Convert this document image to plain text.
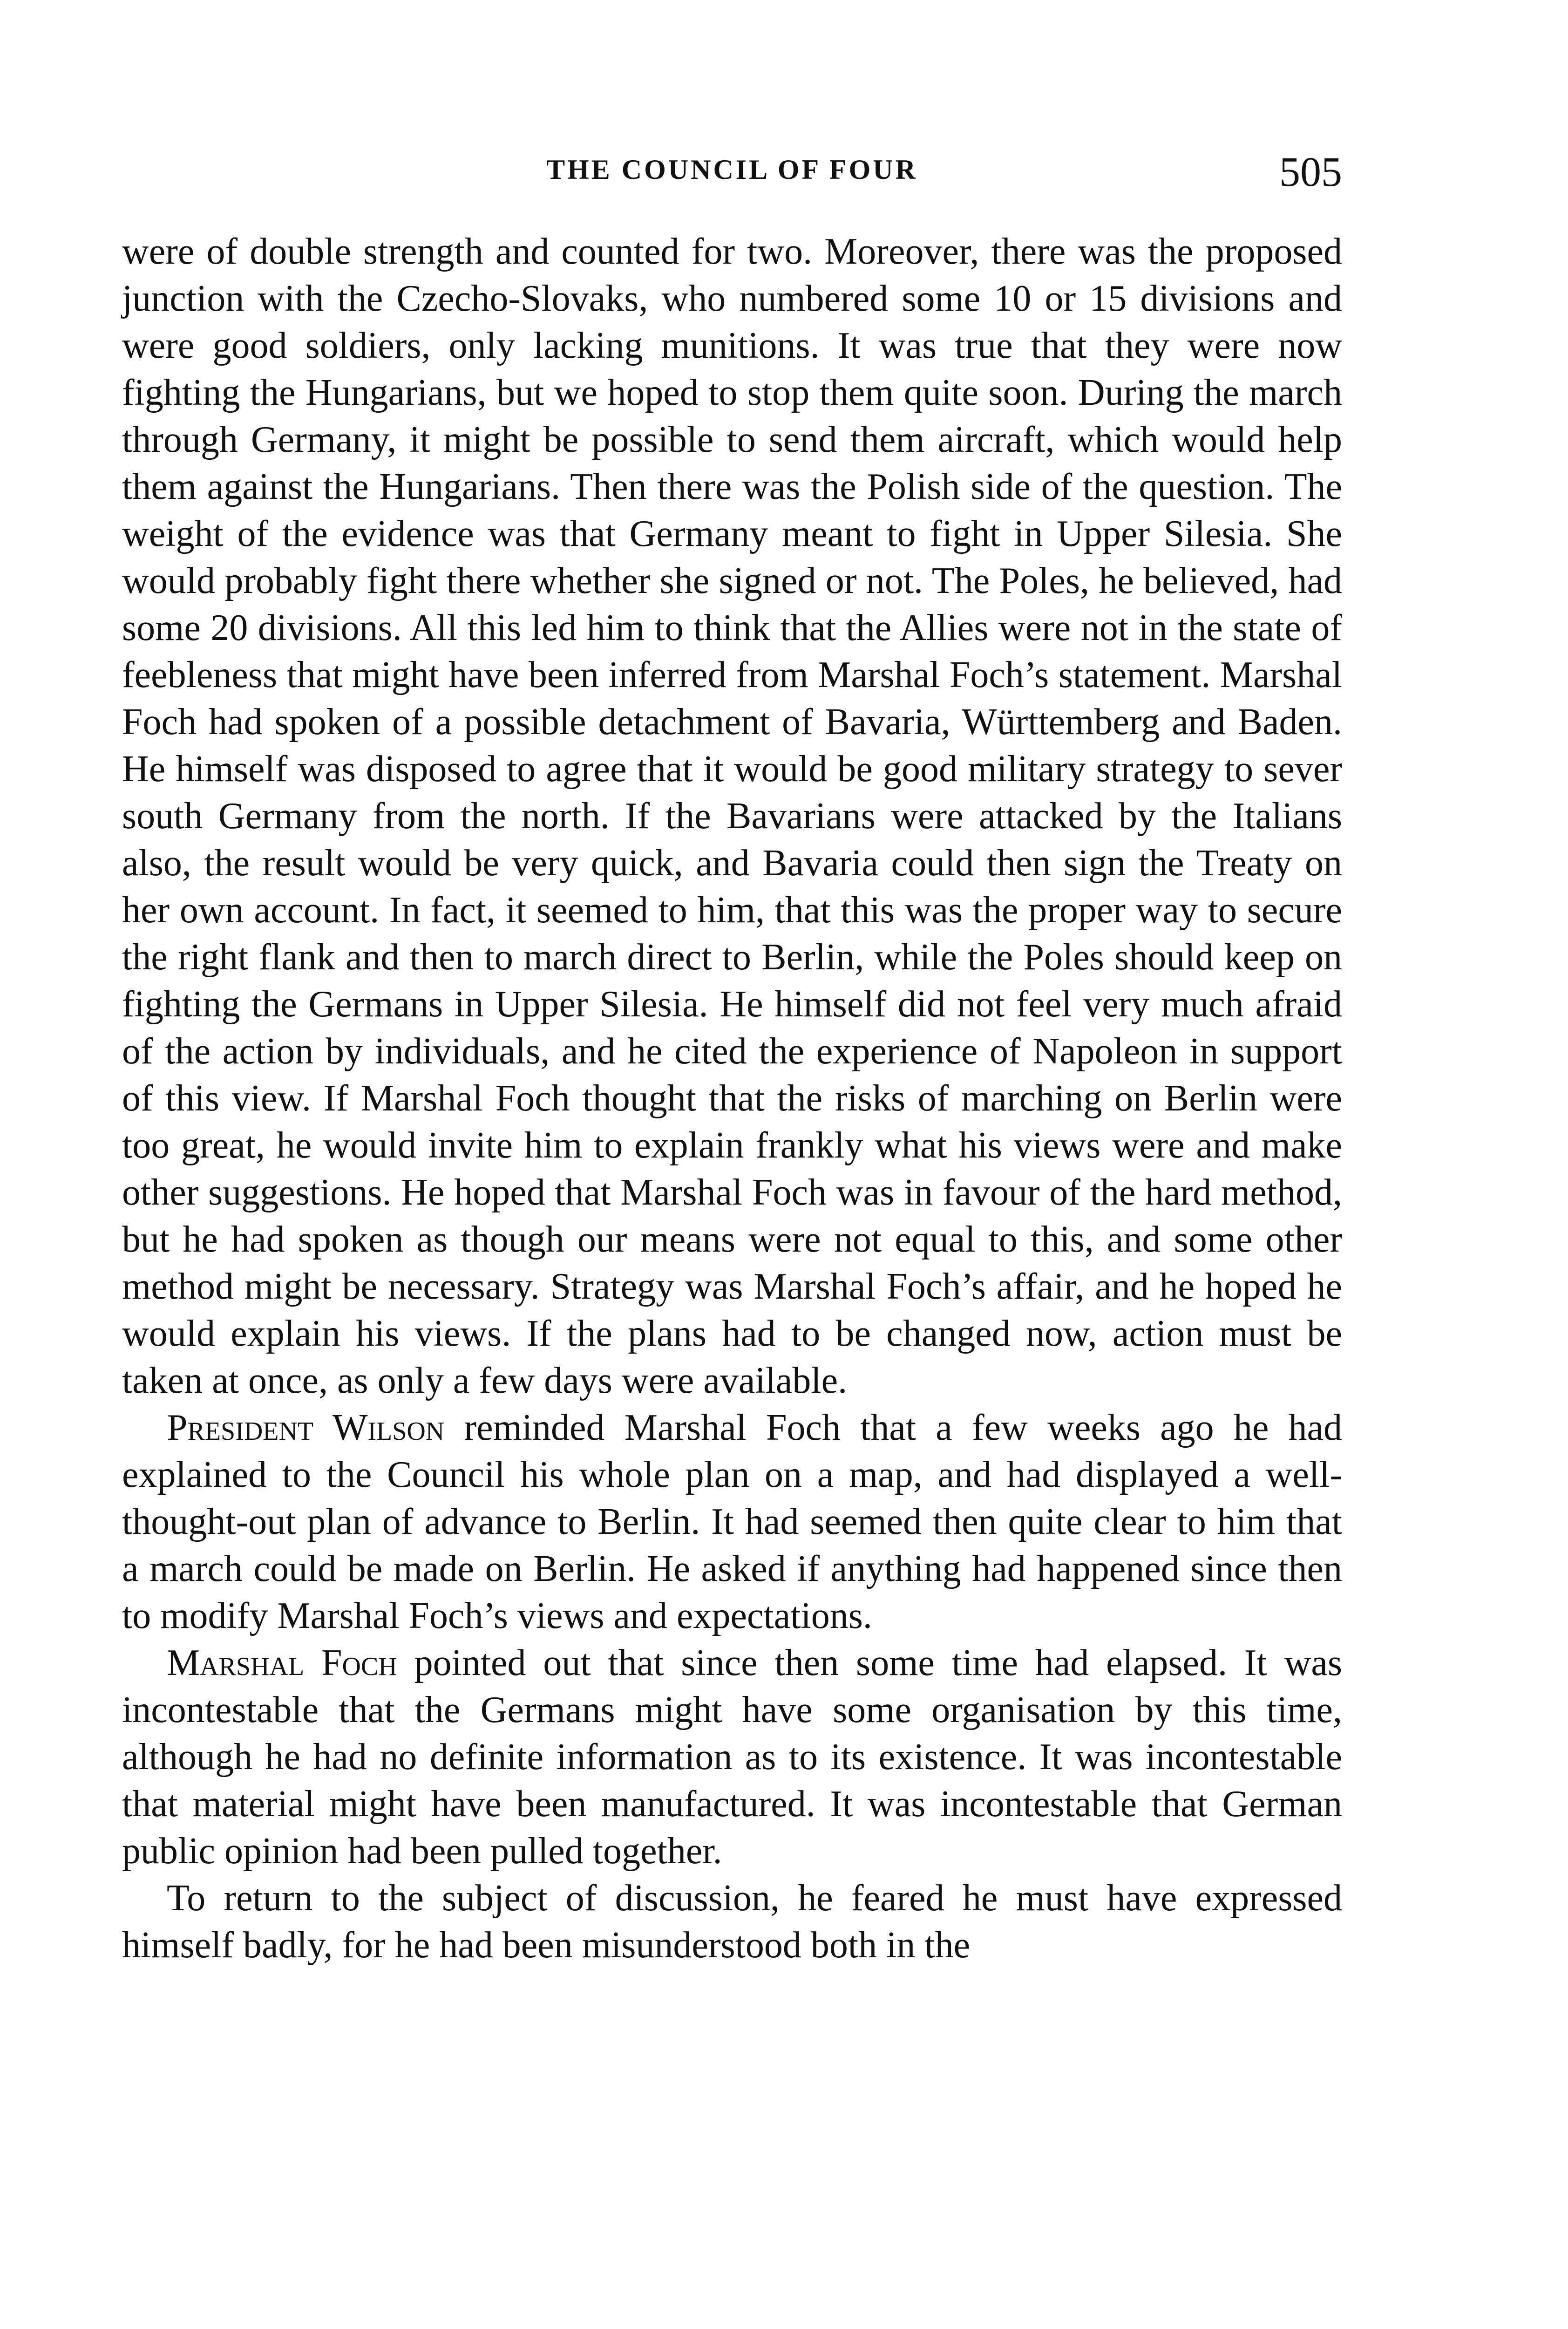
THE COUNCIL OF FOUR	505

were of double strength and counted for two. Moreover, there was the proposed junction with the Czecho-Slovaks, who numbered some 10 or 15 divisions and were good soldiers, only lacking munitions. It was true that they were now fighting the Hungarians, but we hoped to stop them quite soon. During the march through Germany, it might be possible to send them aircraft, which would help them against the Hungarians. Then there was the Polish side of the question. The weight of the evidence was that Germany meant to fight in Upper Silesia. She would probably fight there whether she signed or not. The Poles, he believed, had some 20 divisions. All this led him to think that the Allies were not in the state of feebleness that might have been inferred from Marshal Foch’s statement. Marshal Foch had spoken of a possible detachment of Bavaria, Württemberg and Baden. He himself was disposed to agree that it would be good military strategy to sever south Germany from the north. If the Bavarians were attacked by the Italians also, the result would be very quick, and Bavaria could then sign the Treaty on her own account. In fact, it seemed to him, that this was the proper way to secure the right flank and then to march direct to Berlin, while the Poles should keep on fighting the Germans in Upper Silesia. He himself did not feel very much afraid of the action by individuals, and he cited the experience of Napoleon in support of this view. If Marshal Foch thought that the risks of marching on Berlin were too great, he would invite him to explain frankly what his views were and make other suggestions. He hoped that Marshal Foch was in favour of the hard method, but he had spoken as though our means were not equal to this, and some other method might be necessary. Strategy was Marshal Foch’s affair, and he hoped he would explain his views. If the plans had to be changed now, action must be taken at once, as only a few days were available.

President Wilson reminded Marshal Foch that a few weeks ago he had explained to the Council his whole plan on a map, and had displayed a well-thought-out plan of advance to Berlin. It had seemed then quite clear to him that a march could be made on Berlin. He asked if anything had happened since then to modify Marshal Foch’s views and expectations.

Marshal Foch pointed out that since then some time had elapsed. It was incontestable that the Germans might have some organisation by this time, although he had no definite information as to its existence. It was incontestable that material might have been manufactured. It was incontestable that German public opinion had been pulled together.

To return to the subject of discussion, he feared he must have expressed himself badly, for he had been misunderstood both in the
